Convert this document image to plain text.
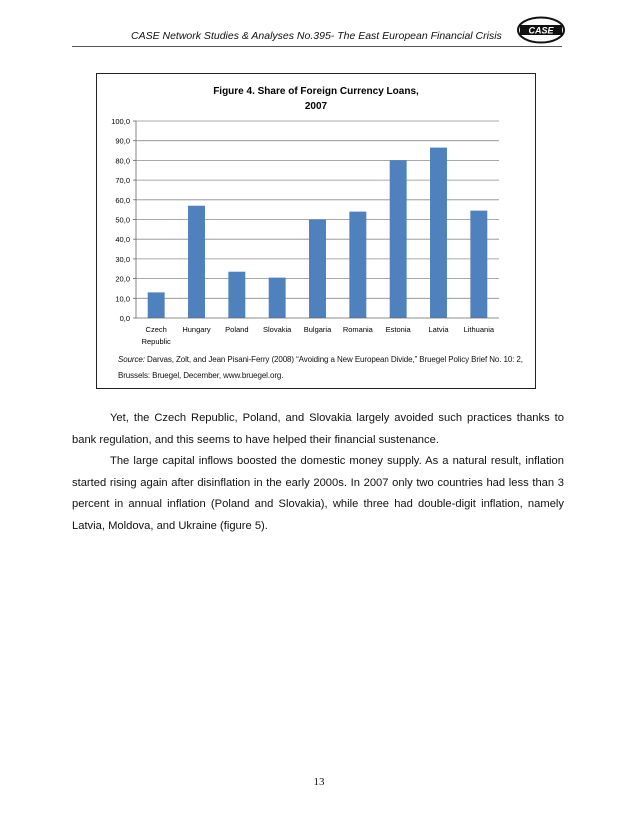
CASE Network Studies & Analyses No.395- The East European Financial Crisis	CASE
Figure 4. Share of Foreign Currency Loans,
2007
0,0
10,0
20,0
30,0
40,0
50,0
60,0
70,0
80,0
90,0
100,0
Czech
Republic
Hungary Poland Slovakia Bulgaria Romania Estonia Latvia Lithuania
Source: Darvas, Zolt, and Jean Pisani-Ferry (2008) “Avoiding a New European Divide,” Bruegel Policy Brief No. 10: 2, Brussels: Bruegel, December, www.bruegel.org.

Yet, the Czech Republic, Poland, and Slovakia largely avoided such practices thanks to bank regulation, and this seems to have helped their financial sustenance.

The large capital inflows boosted the domestic money supply. As a natural result, inflation started rising again after disinflation in the early 2000s. In 2007 only two countries had less than 3 percent in annual inflation (Poland and Slovakia), while three had double-digit inflation, namely Latvia, Moldova, and Ukraine (figure 5).

13
